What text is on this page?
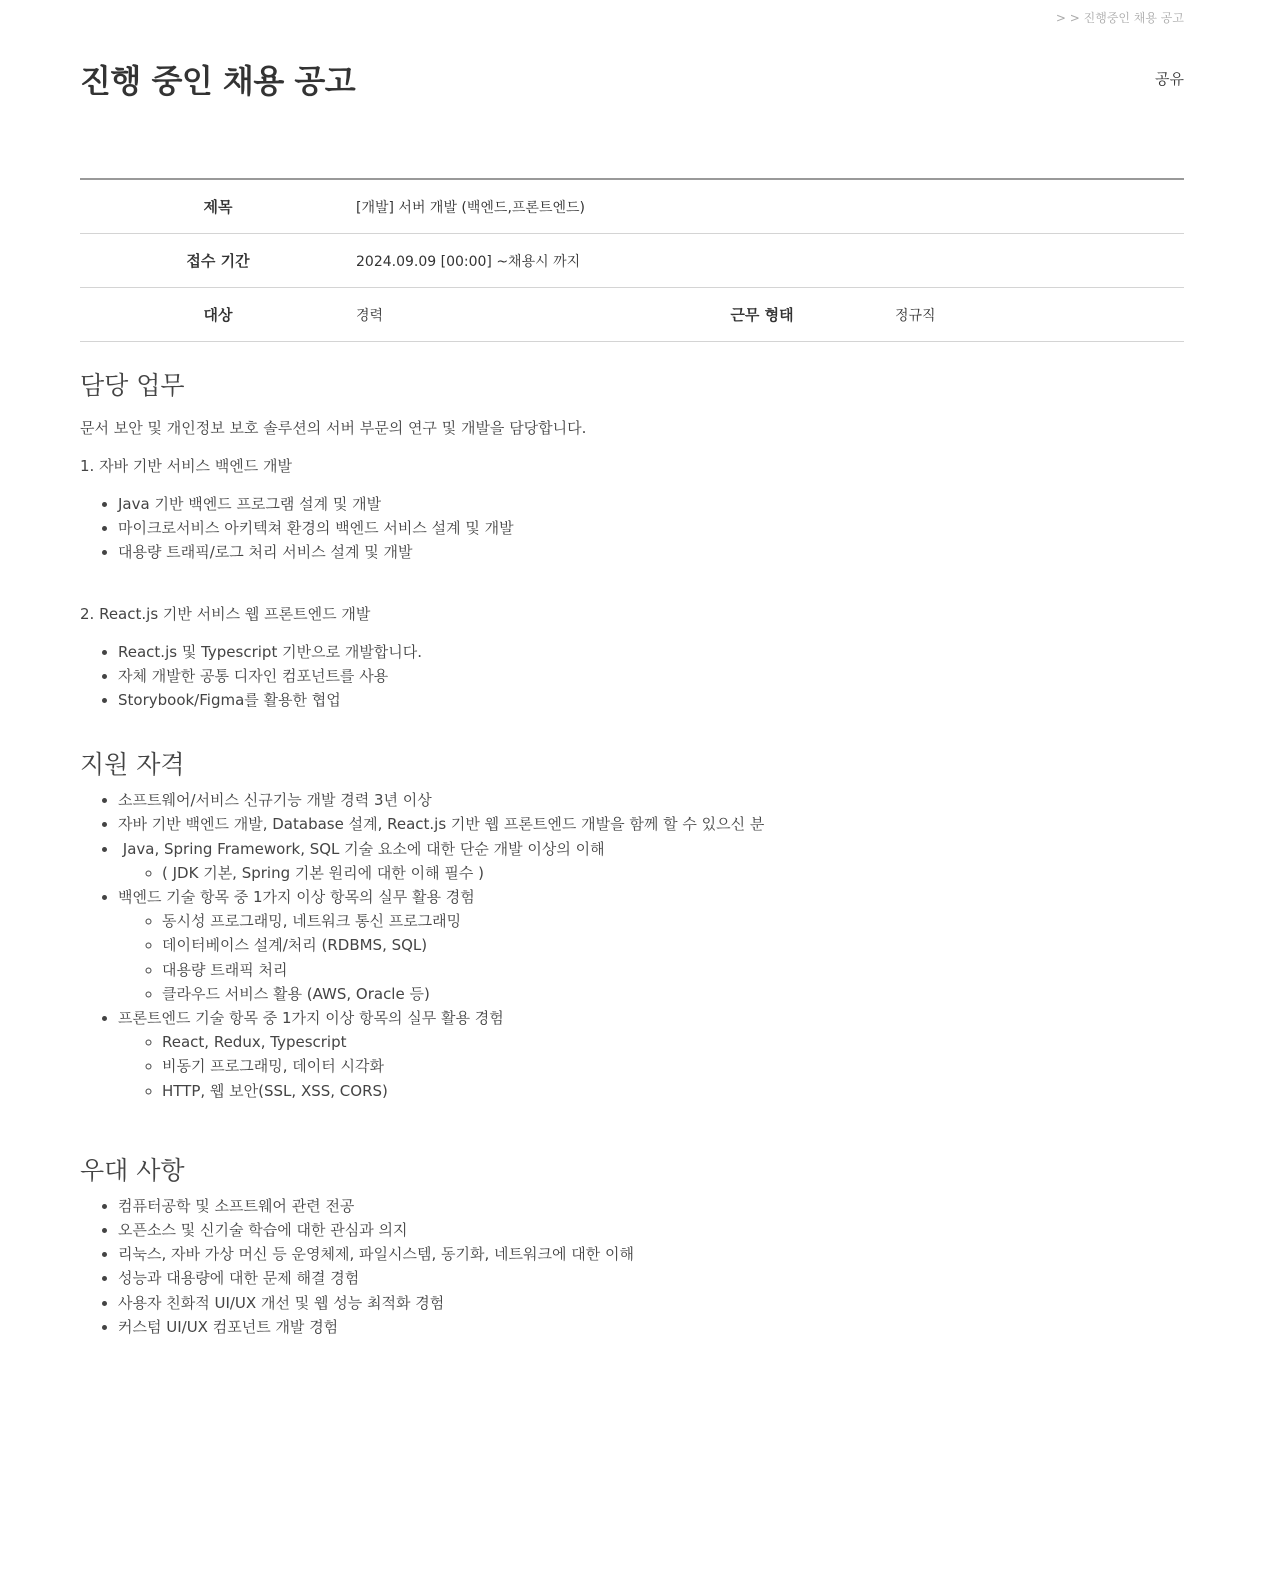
> > 진행중인 채용 공고
진행 중인 채용 공고	공유
제목	[개발] 서버 개발 (백엔드,프론트엔드)		
접수 기간	2024.09.09 [00:00] ~채용시 까지		
대상	경력	근무 형태	정규직
담당 업무

문서 보안 및 개인정보 보호 솔루션의 서버 부문의 연구 및 개발을 담당합니다.

1. 자바 기반 서비스 백엔드 개발

• Java 기반 백엔드 프로그램 설계 및 개발
• 마이크로서비스 아키텍쳐 환경의 백엔드 서비스 설계 및 개발
• 대용량 트래픽/로그 처리 서비스 설계 및 개발

2. React.js 기반 서비스 웹 프론트엔드 개발

• React.js 및 Typescript 기반으로 개발합니다.
• 자체 개발한 공통 디자인 컴포넌트를 사용
• Storybook/Figma를 활용한 협업
지원 자격
• 소프트웨어/서비스 신규기능 개발 경력 3년 이상
• 자바 기반 백엔드 개발, Database 설계, React.js 기반 웹 프론트엔드 개발을 함께 할 수 있으신 분
•  Java, Spring Framework, SQL 기술 요소에 대한 단순 개발 이상의 이해
◦ ( JDK 기본, Spring 기본 원리에 대한 이해 필수 )
• 백엔드 기술 항목 중 1가지 이상 항목의 실무 활용 경험
◦ 동시성 프로그래밍, 네트워크 통신 프로그래밍
◦ 데이터베이스 설계/처리 (RDBMS, SQL)
◦ 대용량 트래픽 처리
◦ 클라우드 서비스 활용 (AWS, Oracle 등)
• 프론트엔드 기술 항목 중 1가지 이상 항목의 실무 활용 경험
◦ React, Redux, Typescript
◦ 비동기 프로그래밍, 데이터 시각화
◦ HTTP, 웹 보안(SSL, XSS, CORS)
우대 사항
• 컴퓨터공학 및 소프트웨어 관련 전공
• 오픈소스 및 신기술 학습에 대한 관심과 의지
• 리눅스, 자바 가상 머신 등 운영체제, 파일시스템, 동기화, 네트워크에 대한 이해
• 성능과 대용량에 대한 문제 해결 경험
• 사용자 친화적 UI/UX 개선 및 웹 성능 최적화 경험
• 커스텀 UI/UX 컴포넌트 개발 경험
